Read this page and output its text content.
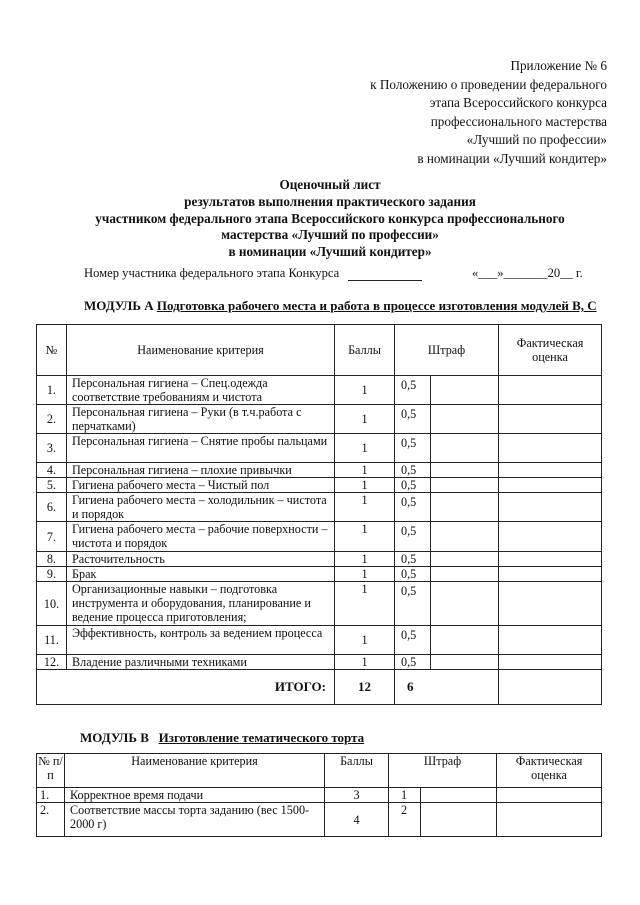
Приложение № 6
к Положению о проведении федерального
этапа Всероссийского конкурса
профессионального мастерства
«Лучший по профессии»
в номинации «Лучший кондитер»
Оценочный лист
результатов выполнения практического задания
участником федерального этапа Всероссийского конкурса профессионального
мастерства «Лучший по профессии»
в номинации «Лучший кондитер»
Номер участника федерального этапа Конкурса	«___»_______20__ г.
МОДУЛЬ А Подготовка рабочего места и работа в процессе изготовления модулей В, С
№	Наименование критерия	Баллы	Штраф		Фактическая оценка
1.	Персональная гигиена – Спец.одежда соответствие требованиям и чистота	1	0,5		
2.	Персональная гигиена – Руки (в т.ч.работа с перчатками)	1	0,5		
3.	Персональная гигиена – Снятие пробы пальцами	1	0,5		
4.	Персональная гигиена – плохие привычки	1	0,5		
5.	Гигиена рабочего места – Чистый пол	1	0,5		
6.	Гигиена рабочего места – холодильник – чистота и порядок	1	0,5		
7.	Гигиена рабочего места – рабочие поверхности – чистота и порядок	1	0,5		
8.	Расточительность	1	0,5		
9.	Брак	1	0,5		
10.	Организационные навыки – подготовка инструмента и оборудования, планирование и ведение процесса приготовления;	1	0,5		
11.	Эффективность, контроль за ведением процесса	1	0,5		
12.	Владение различными техниками	1	0,5		
ИТОГО:		12	6		
МОДУЛЬ В Изготовление тематического торта
№ п/п	Наименование критерия	Баллы	Штраф		Фактическая оценка
1.	Корректное время подачи	3	1		
2.	Соответствие массы торта заданию (вес 1500-2000 г)	4	2		
